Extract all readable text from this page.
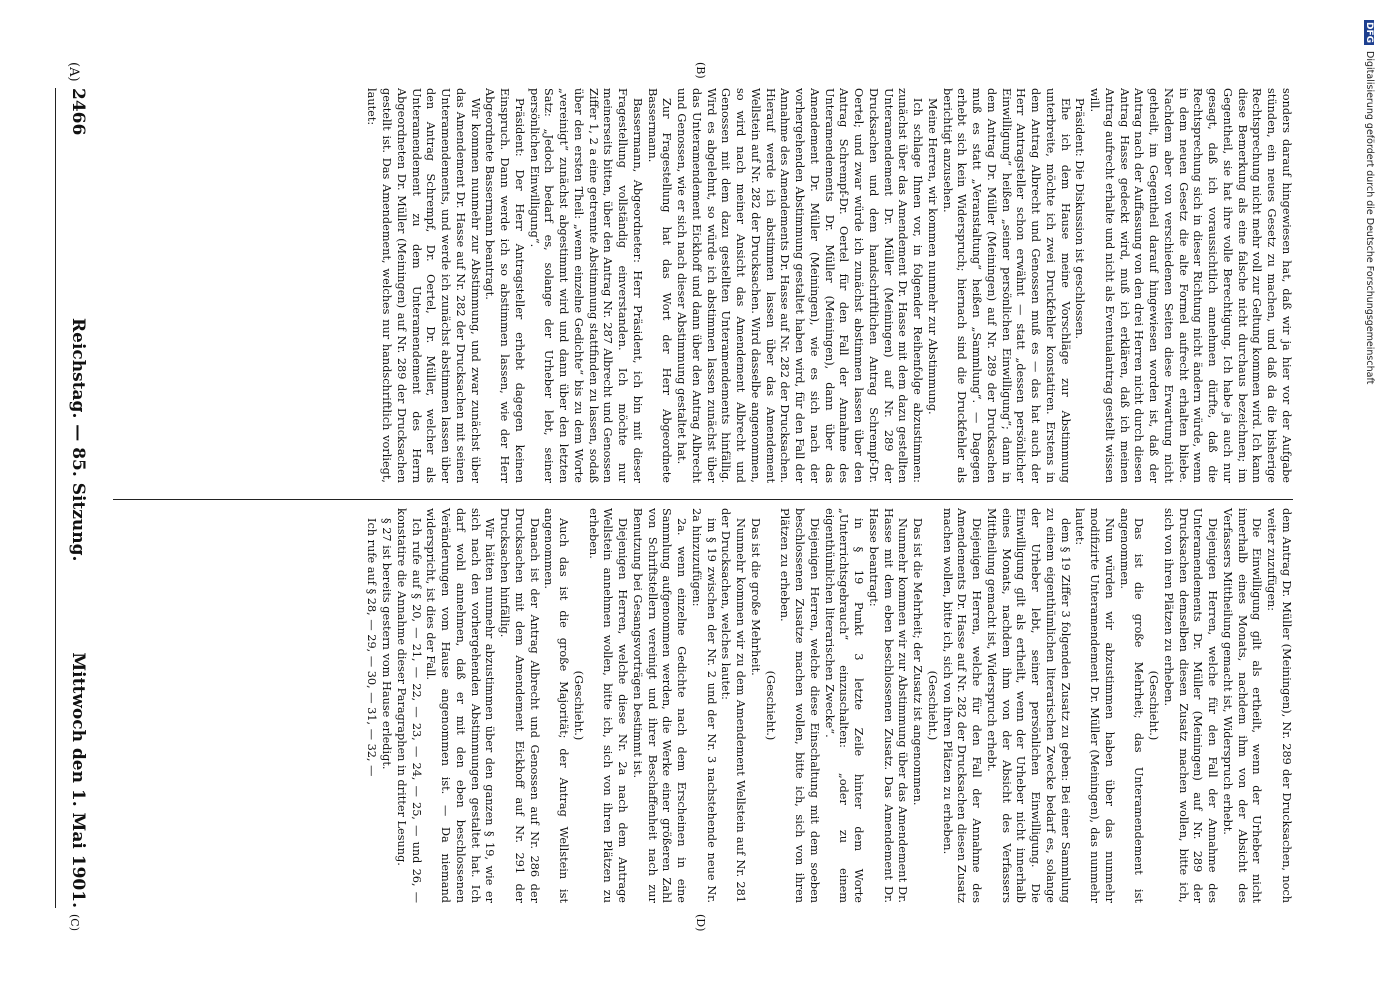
2466
Reichstag. — 85. Sitzung.
Mittwoch den 1. Mai 1901.
(A)	(B)
(C)	(D)

sonders darauf hingewiesen hat, daß wir ja hier vor der Aufgabe stünden, ein neues Gesetz zu machen, und daß da die bisherige Rechtsprechung nicht mehr voll zur Geltung kommen wird. Ich kann diese Bemerkung als eine falsche nicht durchaus bezeichnen; im Gegentheil, sie hat ihre volle Berechtigung. Ich habe ja auch nur gesagt, daß ich voraussichtlich annehmen dürfte, daß die Rechtsprechung sich in dieser Richtung nicht ändern würde, wenn in dem neuen Gesetz die alte Formel aufrecht erhalten bliebe. Nachdem aber von verschiedenen Seiten diese Erwartung nicht getheilt, im Gegentheil darauf hingewiesen worden ist, daß der Antrag nach der Auffassung von den drei Herren nicht durch diesen Antrag Hasse gedeckt wird, muß ich erklären, daß ich meinen Antrag aufrecht erhalte und nicht als Eventualantrag gestellt wissen will.

Präsident: Die Diskussion ist geschlossen.

Ehe ich dem Hause meine Vorschläge zur Abstimmung unterbreite, möchte ich zwei Druckfehler konstatiren. Erstens in dem Antrag Albrecht und Genossen muß es — das hat auch der Herr Antragsteller schon erwähnt — statt „dessen persönlicher Einwilligung“ heißen „seiner persönlichen Einwilligung“; dann in dem Antrag Dr. Müller (Meiningen) auf Nr. 289 der Drucksachen muß es statt „Veranstaltung“ heißen „Sammlung“. — Dagegen erhebt sich kein Widerspruch; hiernach sind die Druckfehler als berichtigt anzusehen.

Meine Herren, wir kommen nunmehr zur Abstimmung.

Ich schlage Ihnen vor, in folgender Reihenfolge abzustimmen: zunächst über das Amendement Dr. Hasse mit dem dazu gestellten Unteramendement Dr. Müller (Meiningen) auf Nr. 289 der Drucksachen und dem handschriftlichen Antrag Schrempf-Dr. Oertel; und zwar würde ich zunächst abstimmen lassen über den Antrag Schrempf-Dr. Oertel für den Fall der Annahme des Unteramendements Dr. Müller (Meiningen), dann über das Amendement Dr. Müller (Meiningen), wie es sich nach der vorhergehenden Abstimmung gestaltet haben wird, für den Fall der Annahme des Amendements Dr. Hasse auf Nr. 282 der Drucksachen. Hierauf werde ich abstimmen lassen über das Amendement Wellstein auf Nr. 282 der Drucksachen. Wird dasselbe angenommen, so wird nach meiner Ansicht das Amendement Albrecht und Genossen mit dem dazu gestellten Unteramendements hinfällig. Wird es abgelehnt, so würde ich abstimmen lassen zunächst über das Unteramendement Eickhoff und dann über den Antrag Albrecht und Genossen, wie er sich nach dieser Abstimmung gestaltet hat.

Zur Fragestellung hat das Wort der Herr Abgeordnete Bassermann.

Bassermann, Abgeordneter: Herr Präsident, ich bin mit dieser Fragestellung vollständig einverstanden. Ich möchte nur meinerseits bitten, über den Antrag Nr. 287 Albrecht und Genossen Ziffer 1, 2 a eine getrennte Abstimmung stattfinden zu lassen, sodaß über den ersten Theil: „wenn einzelne Gedichte“ bis zu dem Worte „vereinigt“ zunächst abgestimmt wird und dann über den letzten Satz: „Jedoch bedarf es, solange der Urheber lebt, seiner persönlichen Einwilligung“.

Präsident: Der Herr Antragsteller erhebt dagegen keinen Einspruch. Dann werde ich so abstimmen lassen, wie der Herr Abgeordnete Bassermann beantragt.

Wir kommen nunmehr zur Abstimmung, und zwar zunächst über das Amendement Dr. Hasse auf Nr. 282 der Drucksachen mit seinen Unteramendements, und werde ich zunächst abstimmen lassen über den Antrag Schrempf, Dr. Oertel, Dr. Müller, welcher als Unteramendement zu dem Unteramendement des Herrn Abgeordneten Dr. Müller (Meiningen) auf Nr. 289 der Drucksachen gestellt ist. Das Amendement, welches nur handschriftlich vorliegt, lautet:

dem Antrag Dr. Müller (Meiningen), Nr. 289 der Drucksachen, noch weiter zuzufügen:

Die Einwilligung gilt als ertheilt, wenn der Urheber nicht innerhalb eines Monats, nachdem ihm von der Absicht des Verfassers Mittheilung gemacht ist, Widerspruch erhebt.

Diejenigen Herren, welche für den Fall der Annahme des Unteramendements Dr. Müller (Meiningen) auf Nr. 289 der Drucksachen demselben diesen Zusatz machen wollen, bitte ich, sich von ihren Plätzen zu erheben.

(Geschieht.)

Das ist die große Mehrheit; das Unteramendement ist angenommen.

Nun würden wir abzustimmen haben über das nunmehr modifizirte Unteramendement Dr. Müller (Meiningen), das nunmehr lautet:

dem § 19 Ziffer 3 folgenden Zusatz zu geben: Bei einer Sammlung zu einem eigenthümlichen literarischen Zwecke bedarf es, solange der Urheber lebt, seiner persönlichen Einwilligung. Die Einwilligung gilt als ertheilt, wenn der Urheber nicht innerhalb eines Monats, nachdem ihm von der Absicht des Verfassers Mittheilung gemacht ist, Widerspruch erhebt.

Diejenigen Herren, welche für den Fall der Annahme des Amendements Dr. Hasse auf Nr. 282 der Drucksachen diesen Zusatz machen wollen, bitte ich, sich von ihren Plätzen zu erheben.

(Geschieht.)

Das ist die Mehrheit; der Zusatz ist angenommen.

Nunmehr kommen wir zur Abstimmung über das Amendement Dr. Hasse mit dem eben beschlossenen Zusatz. Das Amendement Dr. Hasse beantragt:

in § 19 Punkt 3 letzte Zeile hinter dem Worte „Unterrichtsgebrauch“ einzuschalten: „oder zu einem eigenthümlichen literarischen Zwecke“.

Diejenigen Herren, welche diese Einschaltung mit dem soeben beschlossenen Zusatze machen wollen, bitte ich, sich von ihren Plätzen zu erheben.

(Geschieht.)

Das ist die große Mehrheit.

Nunmehr kommen wir zu dem Amendement Wellstein auf Nr. 281 der Drucksachen, welches lautet:

im § 19 zwischen der Nr. 2 und der Nr. 3 nachstehende neue Nr. 2a hinzuzufügen:

2a. wenn einzelne Gedichte nach dem Erscheinen in eine Sammlung aufgenommen werden, die Werke einer größeren Zahl von Schriftstellern vereinigt und ihrer Beschaffenheit nach zur Benutzung bei Gesangsvorträgen bestimmt ist.

Diejenigen Herren, welche diese Nr. 2a nach dem Antrage Wellstein annehmen wollen, bitte ich, sich von ihren Plätzen zu erheben.

(Geschieht.)

Auch das ist die große Majorität; der Antrag Wellstein ist angenommen.

Danach ist der Antrag Albrecht und Genossen auf Nr. 286 der Drucksachen mit dem Amendement Eickhoff auf Nr. 291 der Drucksachen hinfällig.

Wir hätten nunmehr abzustimmen über den ganzen § 19, wie er sich nach den vorhergehenden Abstimmungen gestaltet hat. Ich darf wohl annehmen, daß er mit den eben beschlossenen Veränderungen vom Hause angenommen ist. — Da niemand widerspricht, ist dies der Fall.

Ich rufe auf § 20, — 21, — 22, — 23, — 24, — 25, — und 26, — konstatire die Annahme dieser Paragraphen in dritter Lesung.

§ 27 ist bereits gestern vom Hause erledigt.

Ich rufe auf § 28, — 29, — 30, — 31, — 32, —

DFG Digitalisierung gefördert durch die Deutsche Forschungsgemeinschaft
